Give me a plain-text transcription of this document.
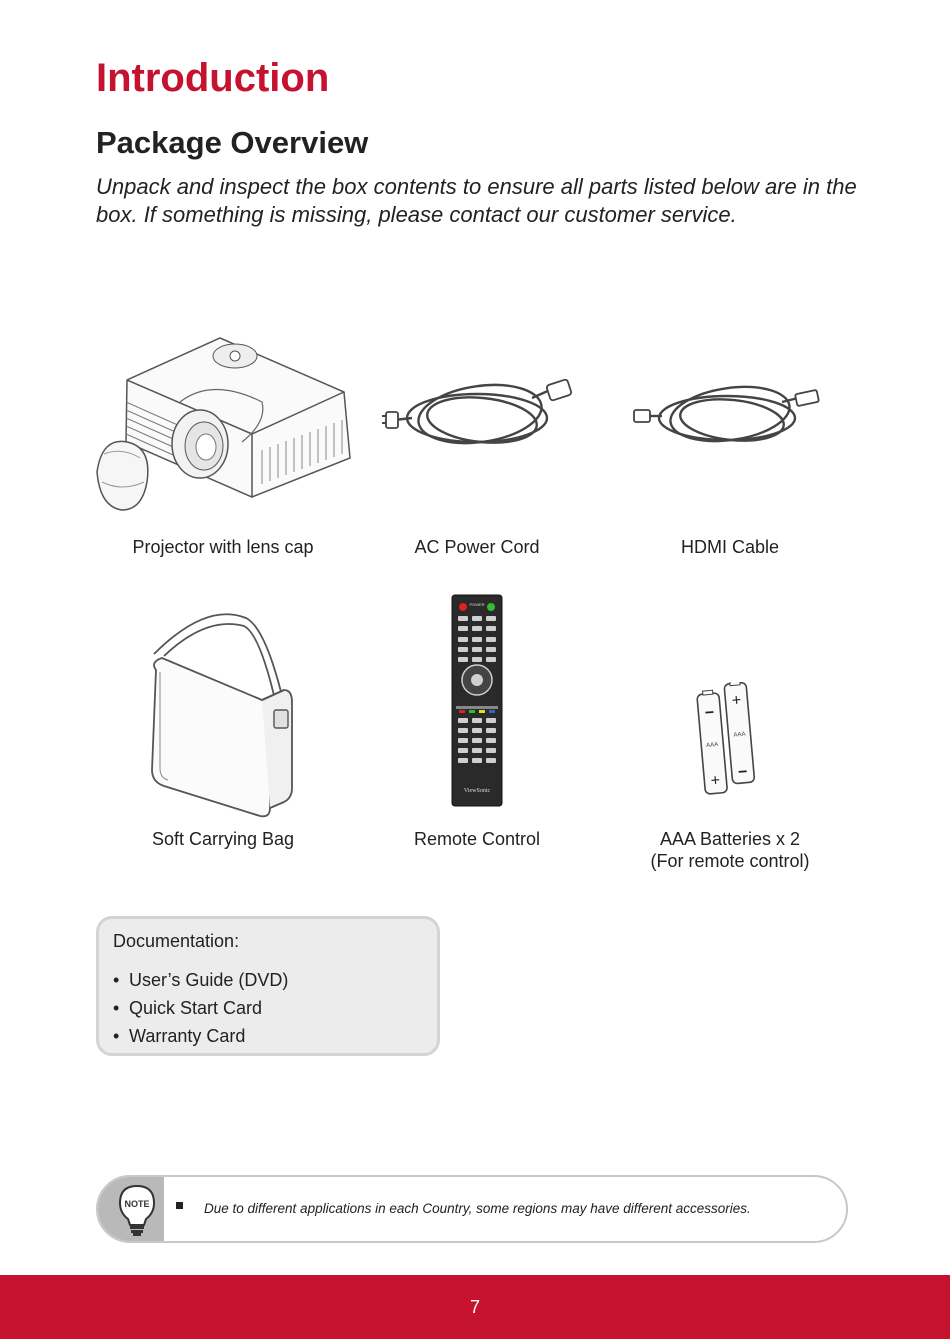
Introduction
Package Overview

Unpack and inspect the box contents to ensure all parts listed below are in the box. If something is missing, please contact our customer service.

POWER
ViewSonic
−
AAA
+
+
AAA
−
Projector with lens cap	AC Power Cord	HDMI Cable
Soft Carrying Bag	Remote Control	AAA Batteries x 2
(For remote control)

Documentation:

• User’s Guide (DVD)
• Quick Start Card
• Warranty Card
NOTE	Due to different applications in each Country, some regions may have different accessories.
7
